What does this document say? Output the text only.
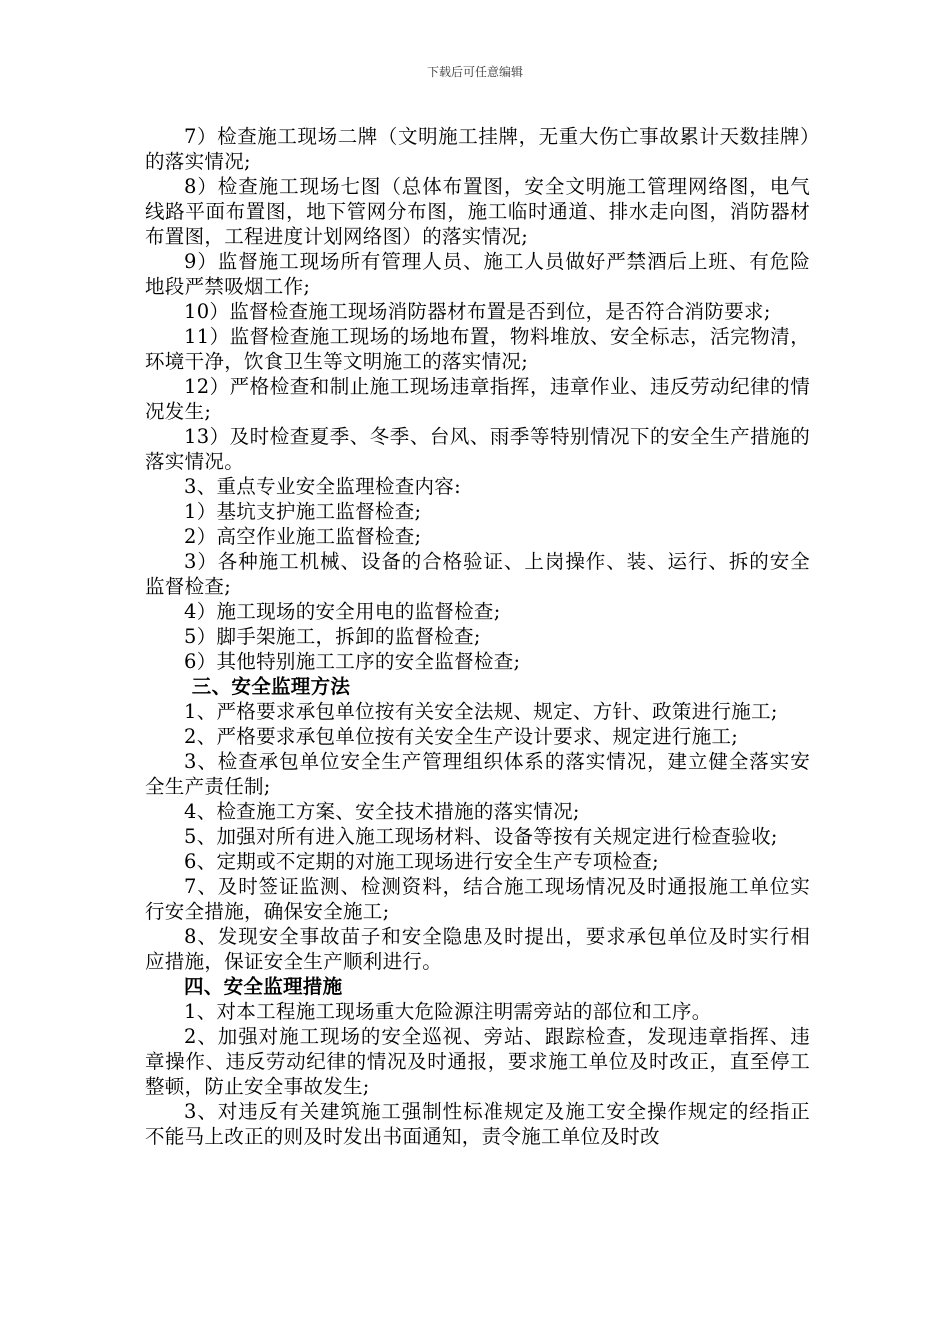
下载后可任意编辑

7）检查施工现场二牌（文明施工挂牌，无重大伤亡事故累计天数挂牌）的落实情况;

8）检查施工现场七图（总体布置图，安全文明施工管理网络图，电气线路平面布置图，地下管网分布图，施工临时通道、排水走向图，消防器材布置图，工程进度计划网络图）的落实情况;

9）监督施工现场所有管理人员、施工人员做好严禁酒后上班、有危险地段严禁吸烟工作;

10）监督检查施工现场消防器材布置是否到位，是否符合消防要求;

11）监督检查施工现场的场地布置，物料堆放、安全标志，活完物清，环境干净，饮食卫生等文明施工的落实情况;

12）严格检查和制止施工现场违章指挥，违章作业、违反劳动纪律的情况发生;

13）及时检查夏季、冬季、台风、雨季等特别情况下的安全生产措施的落实情况。

3、重点专业安全监理检查内容:

1）基坑支护施工监督检查;

2）高空作业施工监督检查;

3）各种施工机械、设备的合格验证、上岗操作、装、运行、拆的安全监督检查;

4）施工现场的安全用电的监督检查;

5）脚手架施工，拆卸的监督检查;

6）其他特别施工工序的安全监督检查;

三、安全监理方法

1、严格要求承包单位按有关安全法规、规定、方针、政策进行施工;

2、严格要求承包单位按有关安全生产设计要求、规定进行施工;

3、检查承包单位安全生产管理组织体系的落实情况，建立健全落实安全生产责任制;

4、检查施工方案、安全技术措施的落实情况;

5、加强对所有进入施工现场材料、设备等按有关规定进行检查验收;

6、定期或不定期的对施工现场进行安全生产专项检查;

7、及时签证监测、检测资料，结合施工现场情况及时通报施工单位实行安全措施，确保安全施工;

8、发现安全事故苗子和安全隐患及时提出，要求承包单位及时实行相应措施，保证安全生产顺利进行。

四、安全监理措施

1、对本工程施工现场重大危险源注明需旁站的部位和工序。

2、加强对施工现场的安全巡视、旁站、跟踪检查，发现违章指挥、违章操作、违反劳动纪律的情况及时通报，要求施工单位及时改正，直至停工整顿，防止安全事故发生;

3、对违反有关建筑施工强制性标准规定及施工安全操作规定的经指正不能马上改正的则及时发出书面通知，责令施工单位及时改
